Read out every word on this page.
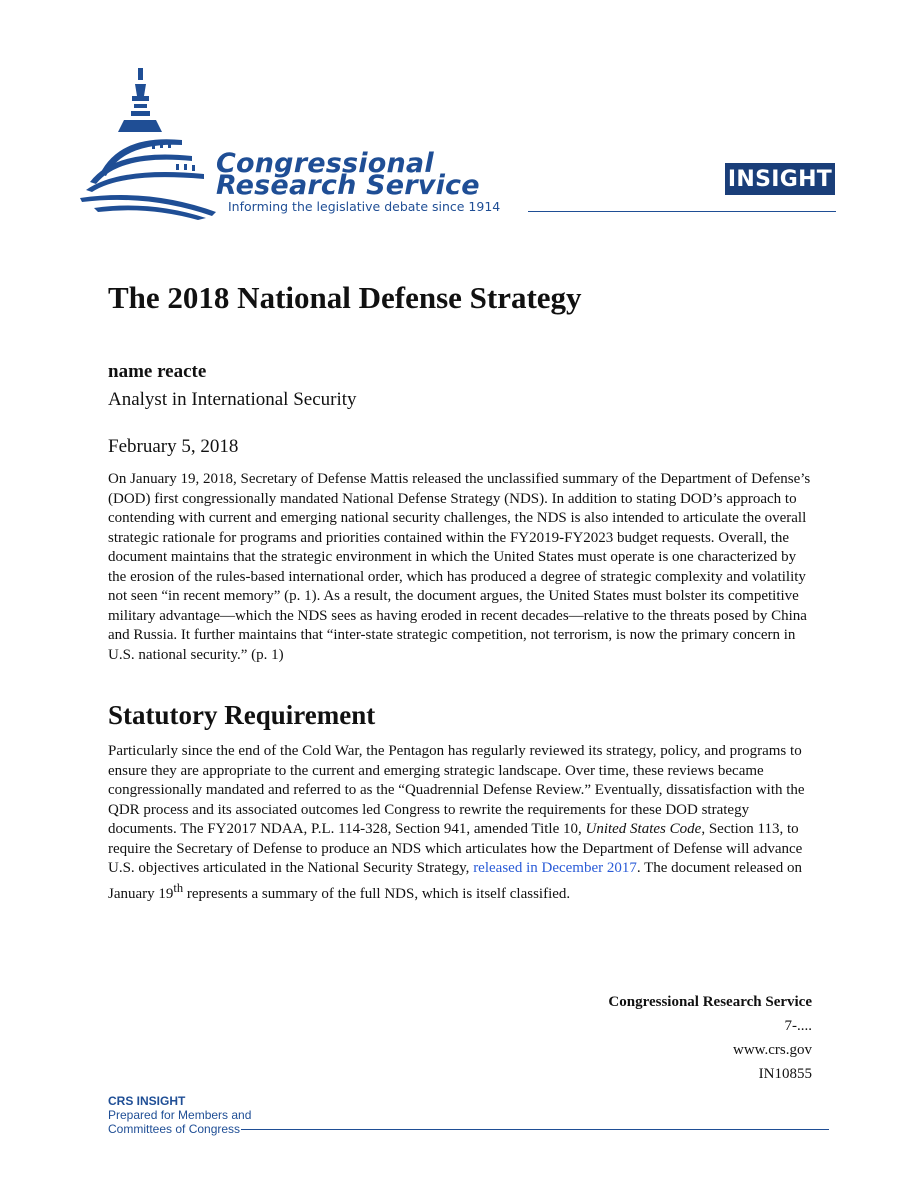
Congressional
Research Service
Informing the legislative debate since 1914
INSIGHT
The 2018 National Defense Strategy

name reacte

Analyst in International Security

February 5, 2018

On January 19, 2018, Secretary of Defense Mattis released the unclassified summary of the Department of Defense’s (DOD) first congressionally mandated National Defense Strategy (NDS). In addition to stating DOD’s approach to contending with current and emerging national security challenges, the NDS is also intended to articulate the overall strategic rationale for programs and priorities contained within the FY2019-FY2023 budget requests. Overall, the document maintains that the strategic environment in which the United States must operate is one characterized by the erosion of the rules-based international order, which has produced a degree of strategic complexity and volatility not seen “in recent memory” (p. 1). As a result, the document argues, the United States must bolster its competitive military advantage—which the NDS sees as having eroded in recent decades—relative to the threats posed by China and Russia. It further maintains that “inter-state strategic competition, not terrorism, is now the primary concern in U.S. national security.” (p. 1)

Statutory Requirement

Particularly since the end of the Cold War, the Pentagon has regularly reviewed its strategy, policy, and programs to ensure they are appropriate to the current and emerging strategic landscape. Over time, these reviews became congressionally mandated and referred to as the “Quadrennial Defense Review.” Eventually, dissatisfaction with the QDR process and its associated outcomes led Congress to rewrite the requirements for these DOD strategy documents. The FY2017 NDAA, P.L. 114-328, Section 941, amended Title 10, United States Code, Section 113, to require the Secretary of Defense to produce an NDS which articulates how the Department of Defense will advance U.S. objectives articulated in the National Security Strategy, released in December 2017. The document released on January 19th represents a summary of the full NDS, which is itself classified.

Congressional Research Service
7-....
www.crs.gov
IN10855
CRS INSIGHT
Prepared for Members and
Committees of Congress
